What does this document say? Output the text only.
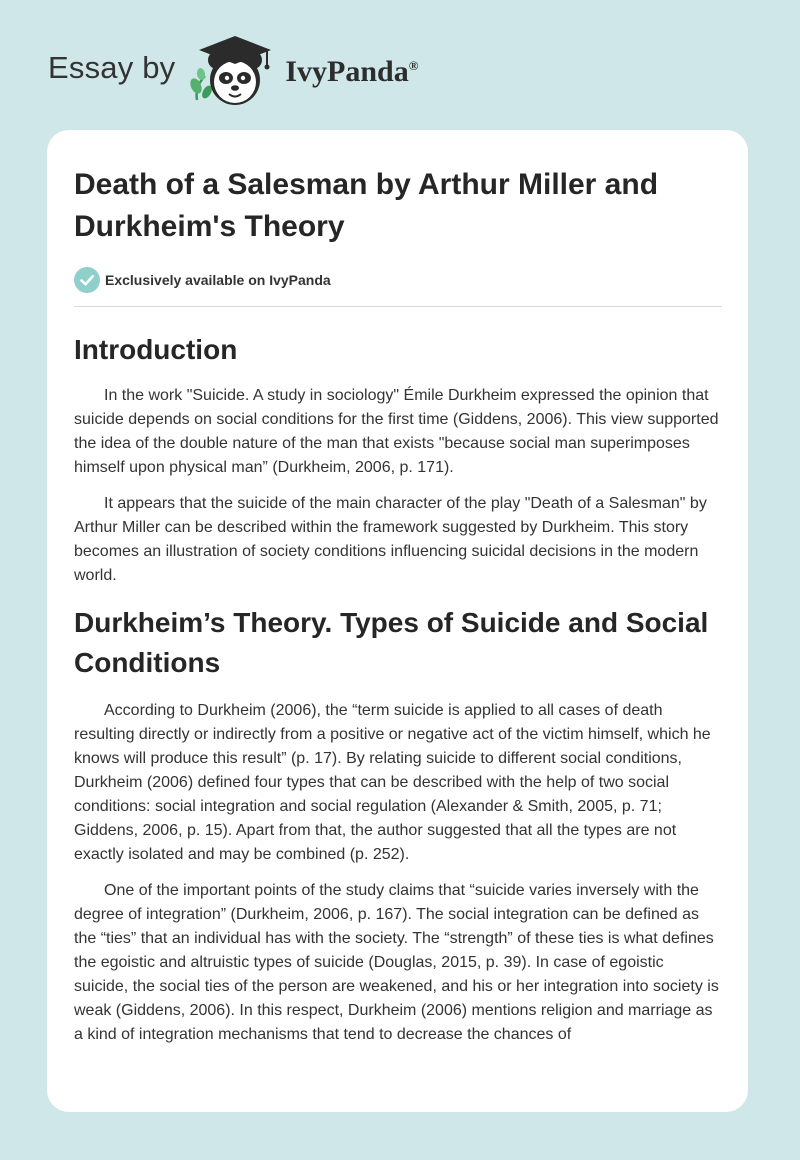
Essay by	IvyPanda®
Death of a Salesman by Arthur Miller and Durkheim's Theory
Exclusively available on IvyPanda
Introduction

In the work "Suicide. A study in sociology" Émile Durkheim expressed the opinion that suicide depends on social conditions for the first time (Giddens, 2006). This view supported the idea of the double nature of the man that exists "because social man superimposes himself upon physical man” (Durkheim, 2006, p. 171).

It appears that the suicide of the main character of the play "Death of a Salesman" by Arthur Miller can be described within the framework suggested by Durkheim. This story becomes an illustration of society conditions influencing suicidal decisions in the modern world.

Durkheim’s Theory. Types of Suicide and Social Conditions

According to Durkheim (2006), the “term suicide is applied to all cases of death resulting directly or indirectly from a positive or negative act of the victim himself, which he knows will produce this result” (p. 17). By relating suicide to different social conditions, Durkheim (2006) defined four types that can be described with the help of two social conditions: social integration and social regulation (Alexander & Smith, 2005, p. 71; Giddens, 2006, p. 15). Apart from that, the author suggested that all the types are not exactly isolated and may be combined (p. 252).

One of the important points of the study claims that “suicide varies inversely with the degree of integration” (Durkheim, 2006, p. 167). The social integration can be defined as the “ties” that an individual has with the society. The “strength” of these ties is what defines the egoistic and altruistic types of suicide (Douglas, 2015, p. 39). In case of egoistic suicide, the social ties of the person are weakened, and his or her integration into society is weak (Giddens, 2006). In this respect, Durkheim (2006) mentions religion and marriage as a kind of integration mechanisms that tend to decrease the chances of
